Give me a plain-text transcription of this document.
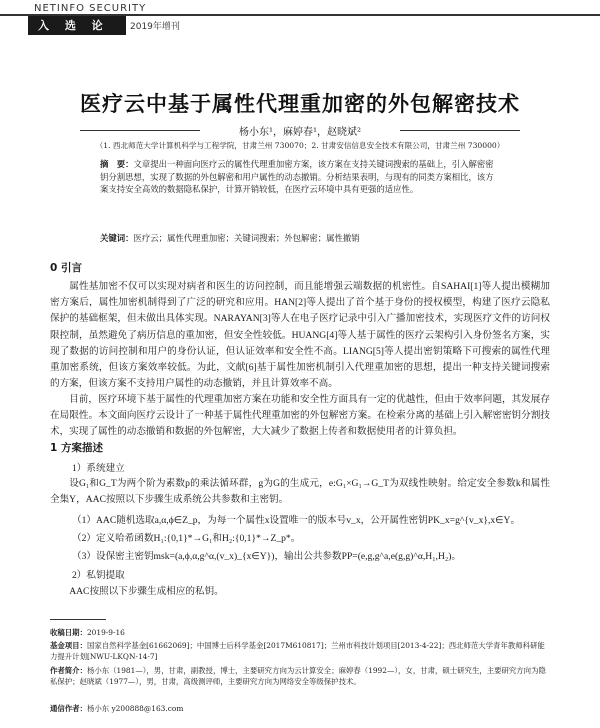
NETINFO SECURITY
入 选 论 文
2019年增刊
医疗云中基于属性代理重加密的外包解密技术
杨小东¹，麻婷春¹，赵晓斌²
（1. 西北师范大学计算机科学与工程学院，甘肃兰州 730070；2. 甘肃安信信息安全技术有限公司，甘肃兰州 730000）
摘　要：文章提出一种面向医疗云的属性代理重加密方案，该方案在支持关键词搜索的基础上，引入解密密钥分割思想，实现了数据的外包解密和用户属性的动态撤销。分析结果表明，与现有的同类方案相比，该方案支持安全高效的数据隐私保护，计算开销较低，在医疗云环境中具有更强的适应性。
关键词：医疗云；属性代理重加密；关键词搜索；外包解密；属性撤销
0 引言
属性基加密不仅可以实现对病者和医生的访问控制，而且能增强云端数据的机密性。自SAHAI[1]等人提出模糊加密方案后，属性加密机制得到了广泛的研究和应用。HAN[2]等人提出了首个基于身份的授权模型，构建了医疗云隐私保护的基础框架，但未做出具体实现。NARAYAN[3]等人在电子医疗记录中引入广播加密技术，实现医疗文件的访问权限控制，虽然避免了病历信息的重加密，但安全性较低。HUANG[4]等人基于属性的医疗云架构引入身份签名方案，实现了数据的访问控制和用户的身份认证，但认证效率和安全性不高。LIANG[5]等人提出密钥策略下可搜索的属性代理重加密系统，但该方案效率较低。为此，文献[6]基于属性加密机制引入代理重加密的思想，提出一种支持关键词搜索的方案，但该方案不支持用户属性的动态撤销，并且计算效率不高。
目前，医疗环境下基于属性的代理重加密方案在功能和安全性方面具有一定的优越性，但由于效率问题，其发展存在局限性。本文面向医疗云设计了一种基于属性代理重加密的外包解密方案。在检索分离的基础上引入解密密钥分割技术，实现了属性的动态撤销和数据的外包解密，大大减少了数据上传者和数据使用者的计算负担。
1 方案描述
1）系统建立
设G₁和G_T为两个阶为素数p的乘法循环群，g为G的生成元，e:G₁×G₁→G_T为双线性映射。给定安全参数k和属性全集Y，AAC按照以下步骤生成系统公共参数和主密钥。
（1）AAC随机选取a,α,ϕ∈Z_p，为每一个属性x设置唯一的版本号v_x，公开属性密钥PK_x=g^{v_x},x∈Y。
（2）定义哈希函数H₁:{0,1}*→G₁和H₂:{0,1}*→Z_p*。
（3）设保密主密钥msk=(a,ϕ,α,g^α,(v_x)_{x∈Y})，输出公共参数PP=(e,g,g^a,e(g,g)^α,H₁,H₂)。
2）私钥提取
AAC按照以下步骤生成相应的私钥。
收稿日期：2019-9-16
基金项目：国家自然科学基金[61662069]；中国博士后科学基金[2017M610817]；兰州市科技计划项目[2013-4-22]；西北师范大学青年教师科研能力提升计划[NWU-LKQN-14-7]
作者简介：杨小东（1981—），男，甘肃，副教授，博士，主要研究方向为云计算安全；麻婷春（1992—），女，甘肃，硕士研究生，主要研究方向为隐私保护；赵晓斌（1977—），男，甘肃，高级测评师，主要研究方向为网络安全等级保护技术。
通信作者：杨小东 y200888@163.com
